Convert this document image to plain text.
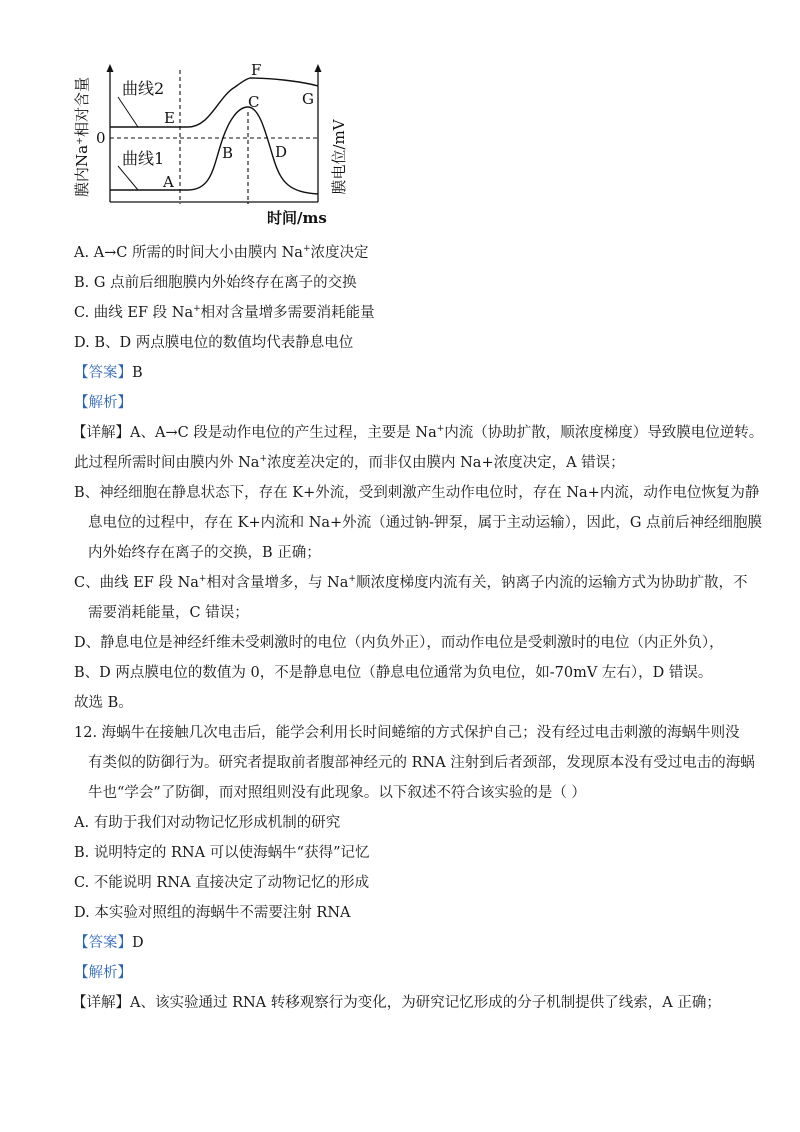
膜内Na⁺相对含量	膜电位/mV
曲线2
曲线1
0
A
B
C
D
E
F
G
时间/ms
A. A→C 所需的时间大小由膜内 Na+浓度决定
B. G 点前后细胞膜内外始终存在离子的交换
C. 曲线 EF 段 Na+相对含量增多需要消耗能量
D. B、D 两点膜电位的数值均代表静息电位
【答案】B
【解析】
【详解】A、A→C 段是动作电位的产生过程，主要是 Na+内流（协助扩散，顺浓度梯度）导致膜电位逆转。
此过程所需时间由膜内外 Na+浓度差决定的，而非仅由膜内 Na+浓度决定，A 错误；
B、神经细胞在静息状态下，存在 K+外流，受到刺激产生动作电位时，存在 Na+内流，动作电位恢复为静
息电位的过程中，存在 K+内流和 Na+外流（通过钠-钾泵，属于主动运输），因此，G 点前后神经细胞膜
内外始终存在离子的交换，B 正确；
C、曲线 EF 段 Na+相对含量增多，与 Na+顺浓度梯度内流有关，钠离子内流的运输方式为协助扩散，不
需要消耗能量，C 错误；
D、静息电位是神经纤维未受刺激时的电位（内负外正），而动作电位是受刺激时的电位（内正外负），
B、D 两点膜电位的数值为 0，不是静息电位（静息电位通常为负电位，如-70mV 左右），D 错误。
故选 B。
12. 海蜗牛在接触几次电击后，能学会利用长时间蜷缩的方式保护自己；没有经过电击刺激的海蜗牛则没
有类似的防御行为。研究者提取前者腹部神经元的 RNA 注射到后者颈部，发现原本没有受过电击的海蜗
牛也“学会”了防御，而对照组则没有此现象。以下叙述不符合该实验的是（ ）
A. 有助于我们对动物记忆形成机制的研究
B. 说明特定的 RNA 可以使海蜗牛“获得”记忆
C. 不能说明 RNA 直接决定了动物记忆的形成
D. 本实验对照组的海蜗牛不需要注射 RNA
【答案】D
【解析】
【详解】A、该实验通过 RNA 转移观察行为变化，为研究记忆形成的分子机制提供了线索，A 正确；
